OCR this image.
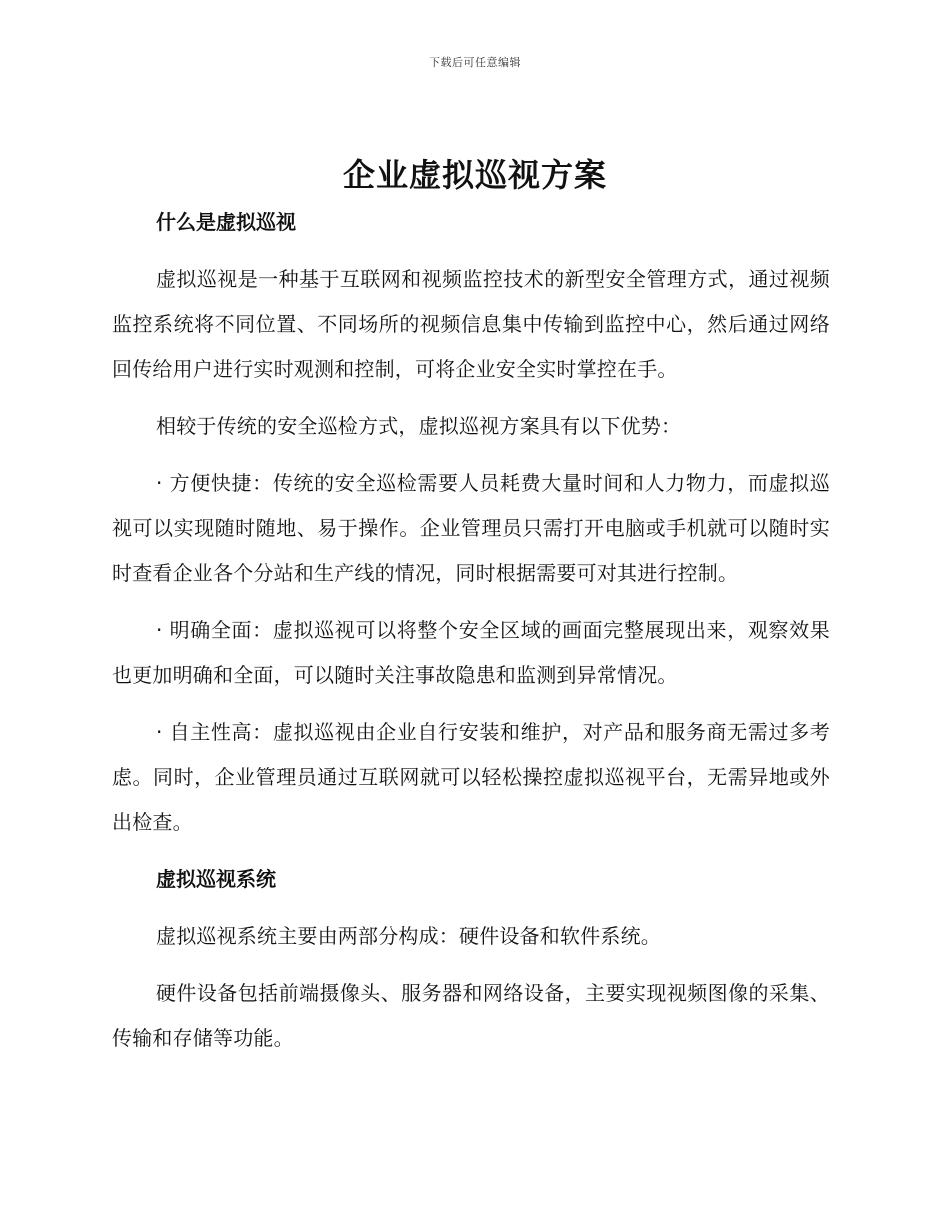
下载后可任意编辑
企业虚拟巡视方案
什么是虚拟巡视

虚拟巡视是一种基于互联网和视频监控技术的新型安全管理方式，通过视频监控系统将不同位置、不同场所的视频信息集中传输到监控中心，然后通过网络回传给用户进行实时观测和控制，可将企业安全实时掌控在手。

相较于传统的安全巡检方式，虚拟巡视方案具有以下优势：

· 方便快捷：传统的安全巡检需要人员耗费大量时间和人力物力，而虚拟巡视可以实现随时随地、易于操作。企业管理员只需打开电脑或手机就可以随时实时查看企业各个分站和生产线的情况，同时根据需要可对其进行控制。

· 明确全面：虚拟巡视可以将整个安全区域的画面完整展现出来，观察效果也更加明确和全面，可以随时关注事故隐患和监测到异常情况。

· 自主性高：虚拟巡视由企业自行安装和维护，对产品和服务商无需过多考虑。同时，企业管理员通过互联网就可以轻松操控虚拟巡视平台，无需异地或外出检查。

虚拟巡视系统

虚拟巡视系统主要由两部分构成：硬件设备和软件系统。

硬件设备包括前端摄像头、服务器和网络设备，主要实现视频图像的采集、传输和存储等功能。
